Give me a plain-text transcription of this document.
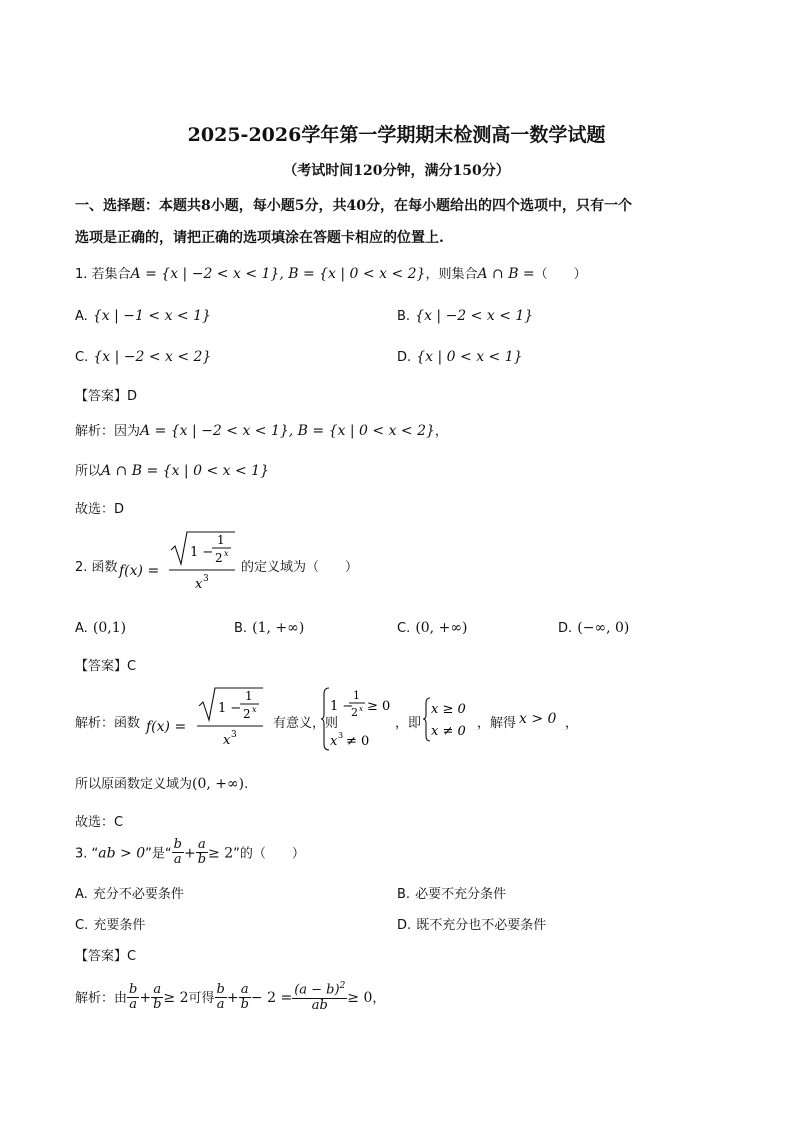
2025-2026学年第一学期期末检测高一数学试题
（考试时间120分钟，满分150分）
一、选择题：本题共8小题，每小题5分，共40分，在每小题给出的四个选项中，只有一个
选项是正确的，请把正确的选项填涂在答题卡相应的位置上.
1. 若集合A = {x | −2 < x < 1}, B = {x | 0 < x < 2}，则集合A ∩ B =（　　）
A. {x | −1 < x < 1}	B. {x | −2 < x < 1}
C. {x | −2 < x < 2}	D. {x | 0 < x < 1}
【答案】D
解析：因为A = {x | −2 < x < 1}, B = {x | 0 < x < 2}，
所以A ∩ B = {x | 0 < x < 1}
故选：D
2. 函数 f(x) =
1 −
1
2 x
x 3
的定义域为（　　）
A. (0,1)	B. (1, +∞)	C. (0, +∞)	D. (−∞, 0)
【答案】C
解析：函数 f(x) =
1 −
1
2 x
x 3
有意义，则
1 −
1
2 x ≥ 0
x 3 ≠ 0
，即
x ≥ 0
x ≠ 0
，解得 x > 0 ，
所以原函数定义域为(0, +∞).
故选：C
3. “ab > 0”是“ $\frac{b}{a} + \frac{a}{b} \ge 2$”的（　　）
A. 充分不必要条件	B. 必要不充分条件
C. 充要条件	D. 既不充分也不必要条件
【答案】C
解析：由 $\frac{b}{a} + \frac{a}{b} \ge 2$可得 $\frac{b}{a} + \frac{a}{b} - 2 = \frac{(a - b)^2}{ab} \ge 0$，
